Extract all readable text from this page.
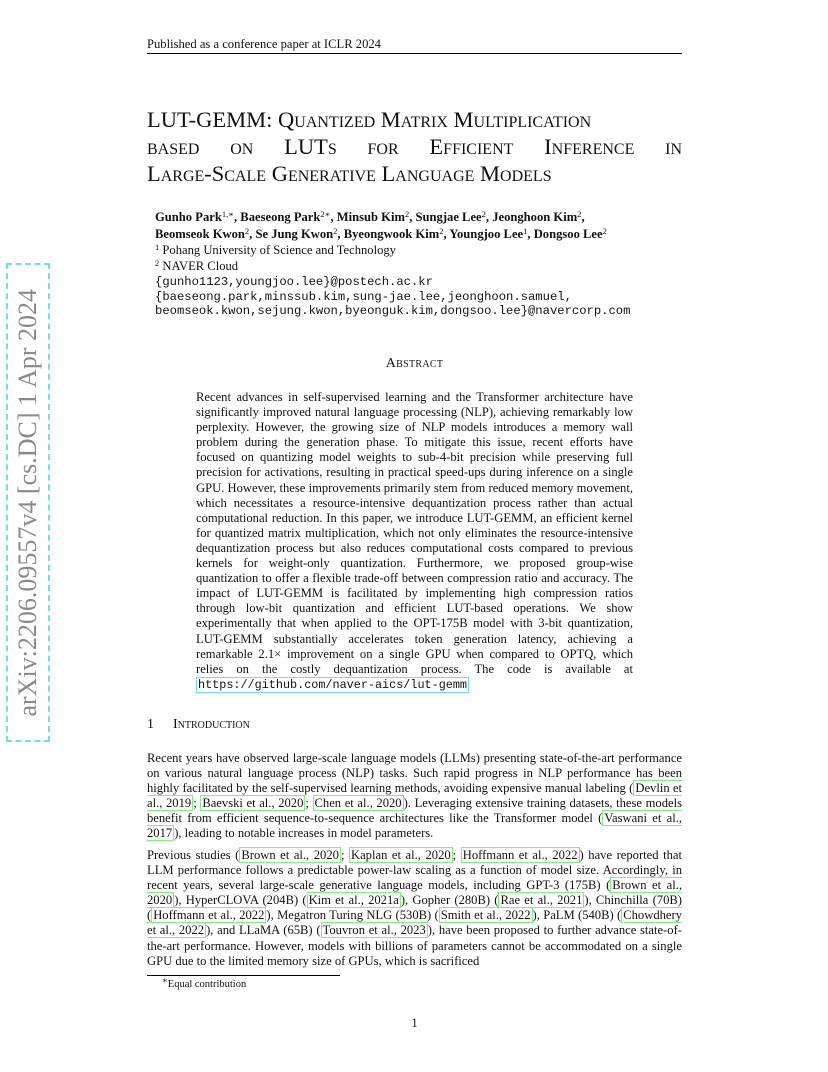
Published as a conference paper at ICLR 2024
LUT-GEMM: Quantized Matrix Multiplication
based on LUTs for Efficient Inference in
Large-Scale Generative Language Models
Gunho Park$^{1,∗}$, Baeseong Park$^{2∗}$, Minsub Kim$^2$, Sungjae Lee$^2$, Jeonghoon Kim$^2$,
Beomseok Kwon$^2$, Se Jung Kwon$^2$, Byeongwook Kim$^2$, Youngjoo Lee$^1$, Dongsoo Lee$^2$
$^1$ Pohang University of Science and Technology
$^2$ NAVER Cloud
{gunho1123,youngjoo.lee}@postech.ac.kr
{baeseong.park,minssub.kim,sung-jae.lee,jeonghoon.samuel,
beomseok.kwon,sejung.kwon,byeonguk.kim,dongsoo.lee}@navercorp.com
Abstract
Recent advances in self-supervised learning and the Transformer architecture have significantly improved natural language processing (NLP), achieving remarkably low perplexity. However, the growing size of NLP models introduces a memory wall problem during the generation phase. To mitigate this issue, recent efforts have focused on quantizing model weights to sub-4-bit precision while preserving full precision for activations, resulting in practical speed-ups during inference on a single GPU. However, these improvements primarily stem from reduced memory movement, which necessitates a resource-intensive dequantization process rather than actual computational reduction. In this paper, we introduce LUT-GEMM, an efficient kernel for quantized matrix multiplication, which not only eliminates the resource-intensive dequantization process but also reduces computational costs compared to previous kernels for weight-only quantization. Furthermore, we proposed group-wise quantization to offer a flexible trade-off between compression ratio and accuracy. The impact of LUT-GEMM is facilitated by implementing high compression ratios through low-bit quantization and efficient LUT-based operations. We show experimentally that when applied to the OPT-175B model with 3-bit quantization, LUT-GEMM substantially accelerates token generation latency, achieving a remarkable 2.1× improvement on a single GPU when compared to OPTQ, which relies on the costly dequantization process. The code is available at https://github.com/naver-aics/lut-gemm
1 Introduction
Recent years have observed large-scale language models (LLMs) presenting state-of-the-art performance on various natural language process (NLP) tasks. Such rapid progress in NLP performance has been highly facilitated by the self-supervised learning methods, avoiding expensive manual labeling ( Devlin et al., 2019 ; Baevski et al., 2020 ; Chen et al., 2020 ). Leveraging extensive training datasets, these models benefit from efficient sequence-to-sequence architectures like the Transformer model ( Vaswani et al., 2017 ), leading to notable increases in model parameters.
Previous studies ( Brown et al., 2020 ; Kaplan et al., 2020 ; Hoffmann et al., 2022 ) have reported that LLM performance follows a predictable power-law scaling as a function of model size. Accordingly, in recent years, several large-scale generative language models, including GPT-3 (175B) ( Brown et al., 2020 ), HyperCLOVA (204B) ( Kim et al., 2021a ), Gopher (280B) ( Rae et al., 2021 ), Chinchilla (70B) ( Hoffmann et al., 2022 ), Megatron Turing NLG (530B) ( Smith et al., 2022 ), PaLM (540B) ( Chowdhery et al., 2022 ), and LLaMA (65B) ( Touvron et al., 2023 ), have been proposed to further advance state-of-the-art performance. However, models with billions of parameters cannot be accommodated on a single GPU due to the limited memory size of GPUs, which is sacrificed
∗Equal contribution
1
arXiv:2206.09557v4 [cs.DC] 1 Apr 2024
